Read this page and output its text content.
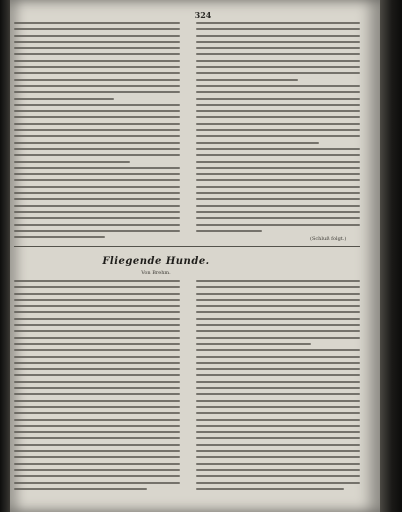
324
(Schluß folgt.)
Fliegende Hunde.
Von Brehm.
